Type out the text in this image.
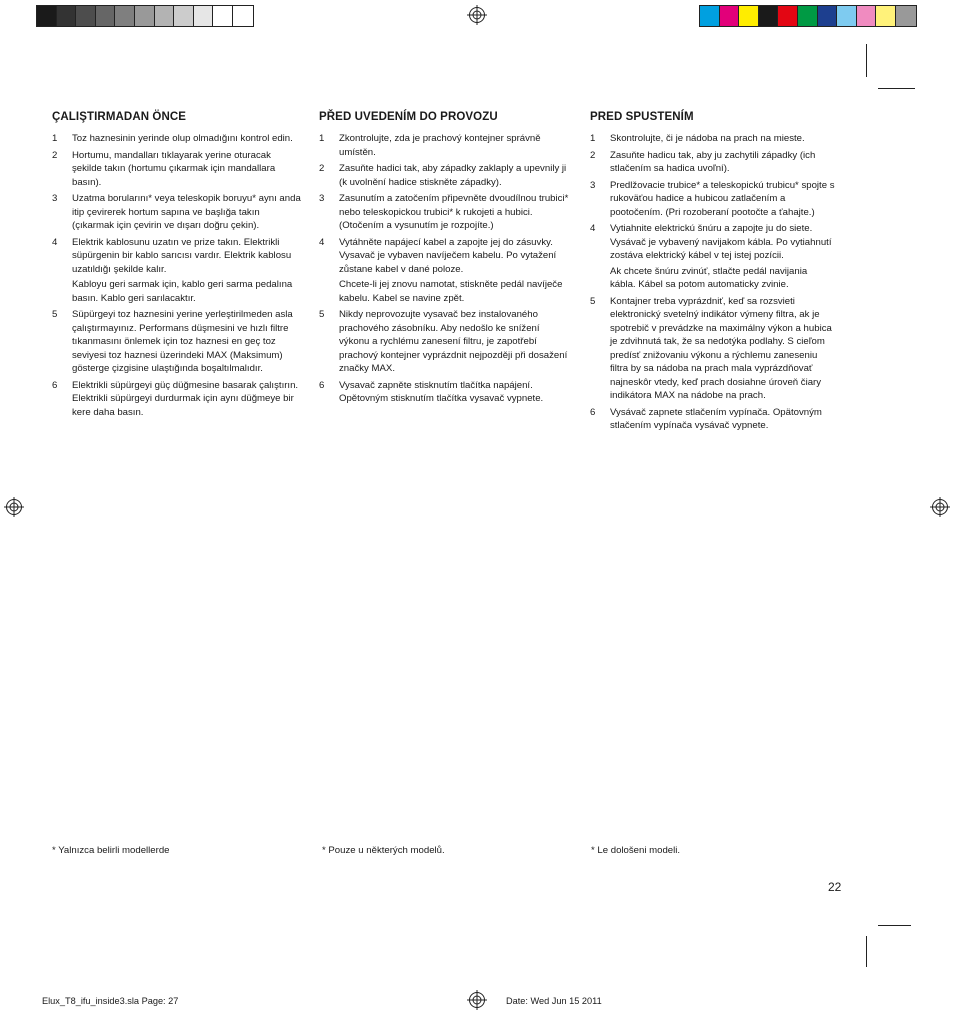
ÇALIŞTIRMADAN ÖNCE
1	Toz haznesinin yerinde olup olmadığını kontrol edin.

2	Hortumu, mandalları tıklayarak yerine oturacak şekilde takın (hortumu çıkarmak için mandallara basın).

3	Uzatma borularını* veya teleskopik boruyu* aynı anda itip çevirerek hortum sapına ve başlığa takın (çıkarmak için çevirin ve dışarı doğru çekin).

4	Elektrik kablosunu uzatın ve prize takın. Elektrikli süpürgenin bir kablo sarıcısı vardır. Elektrik kablosu uzatıldığı şekilde kalır.

Kabloyu geri sarmak için, kablo geri sarma pedalına basın. Kablo geri sarılacaktır.

5	Süpürgeyi toz haznesini yerine yerleştirilmeden asla çalıştırmayınız. Performans düşmesini ve hızlı filtre tıkanmasını önlemek için toz haznesi en geç toz seviyesi toz haznesi üzerindeki MAX (Maksimum) gösterge çizgisine ulaştığında boşaltılmalıdır.

6	Elektrikli süpürgeyi güç düğmesine basarak çalıştırın. Elektrikli süpürgeyi durdurmak için aynı düğmeye bir kere daha basın.

PŘED UVEDENÍM DO PROVOZU
1	Zkontrolujte, zda je prachový kontejner správně umístěn.

2	Zasuňte hadici tak, aby západky zaklaply a upevnily ji (k uvolnění hadice stiskněte západky).

3	Zasunutím a zatočením připevněte dvoudílnou trubici* nebo teleskopickou trubici* k rukojeti a hubici. (Otočením a vysunutím je rozpojíte.)

4	Vytáhněte napájecí kabel a zapojte jej do zásuvky. Vysavač je vybaven navíječem kabelu. Po vytažení zůstane kabel v dané poloze.

Chcete-li jej znovu namotat, stiskněte pedál navíječe kabelu. Kabel se navine zpět.

5	Nikdy neprovozujte vysavač bez instalovaného prachového zásobníku. Aby nedošlo ke snížení výkonu a rychlému zanesení filtru, je zapotřebí prachový kontejner vyprázdnit nejpozději při dosažení značky MAX.

6	Vysavač zapněte stisknutím tlačítka napájení. Opětovným stisknutím tlačítka vysavač vypnete.

PRED SPUSTENÍM
1	Skontrolujte, či je nádoba na prach na mieste.

2	Zasuňte hadicu tak, aby ju zachytili západky (ich stlačením sa hadica uvoľní).

3	Predlžovacie trubice* a teleskopickú trubicu* spojte s rukoväťou hadice a hubicou zatlačením a pootočením. (Pri rozoberaní pootočte a ťahajte.)

4	Vytiahnite elektrickú šnúru a zapojte ju do siete. Vysávač je vybavený navijakom kábla. Po vytiahnutí zostáva elektrický kábel v tej istej pozícii.

Ak chcete šnúru zvinúť, stlačte pedál navijania kábla. Kábel sa potom automaticky zvinie.

5	Kontajner treba vyprázdniť, keď sa rozsvieti elektronický svetelný indikátor výmeny filtra, ak je spotrebič v prevádzke na maximálny výkon a hubica je zdvihnutá tak, že sa nedotýka podlahy. S cieľom predísť znižovaniu výkonu a rýchlemu zaneseniu filtra by sa nádoba na prach mala vyprázdňovať najneskôr vtedy, keď prach dosiahne úroveň čiary indikátora MAX na nádobe na prach.

6	Vysávač zapnete stlačením vypínača. Opätovným stlačením vypínača vysávač vypnete.

* Yalnızca belirli modellerde	* Pouze u některých modelů.	* Le dološeni modeli.
22
Elux_T8_ifu_inside3.sla Page: 27	Date: Wed Jun 15 2011
